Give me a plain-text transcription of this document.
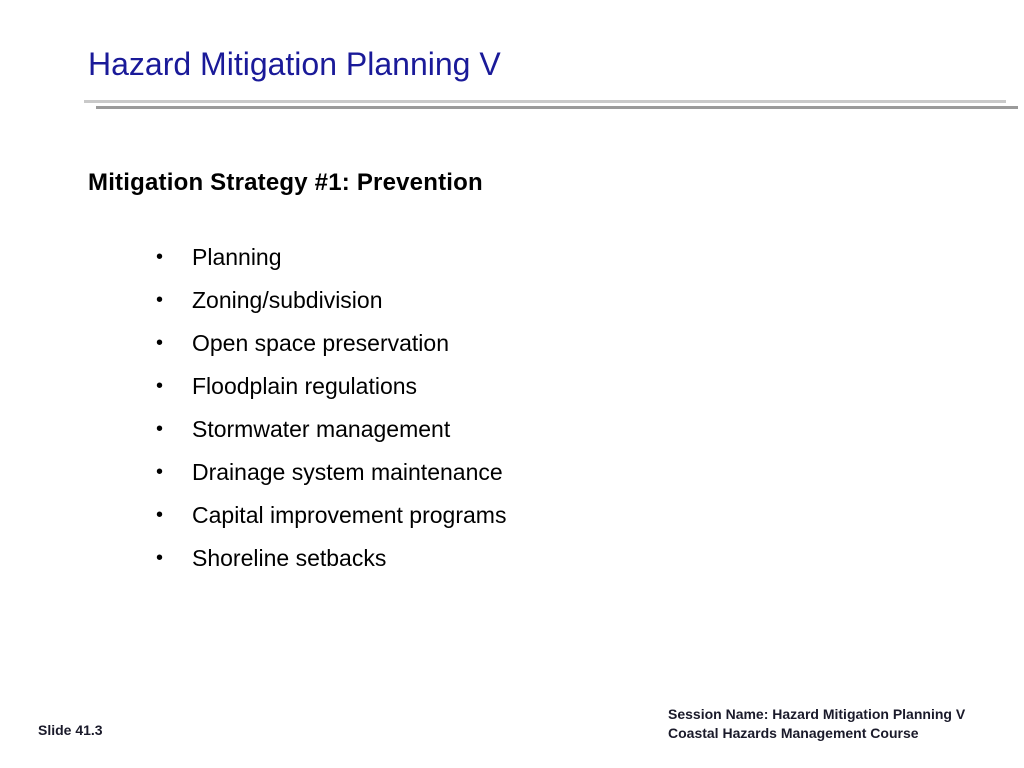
Hazard Mitigation Planning V
Mitigation Strategy #1: Prevention
•	Planning
•	Zoning/subdivision
•	Open space preservation
•	Floodplain regulations
•	Stormwater management
•	Drainage system maintenance
•	Capital improvement programs
•	Shoreline setbacks
Slide 41.3
Session Name: Hazard Mitigation Planning V
Coastal Hazards Management Course
